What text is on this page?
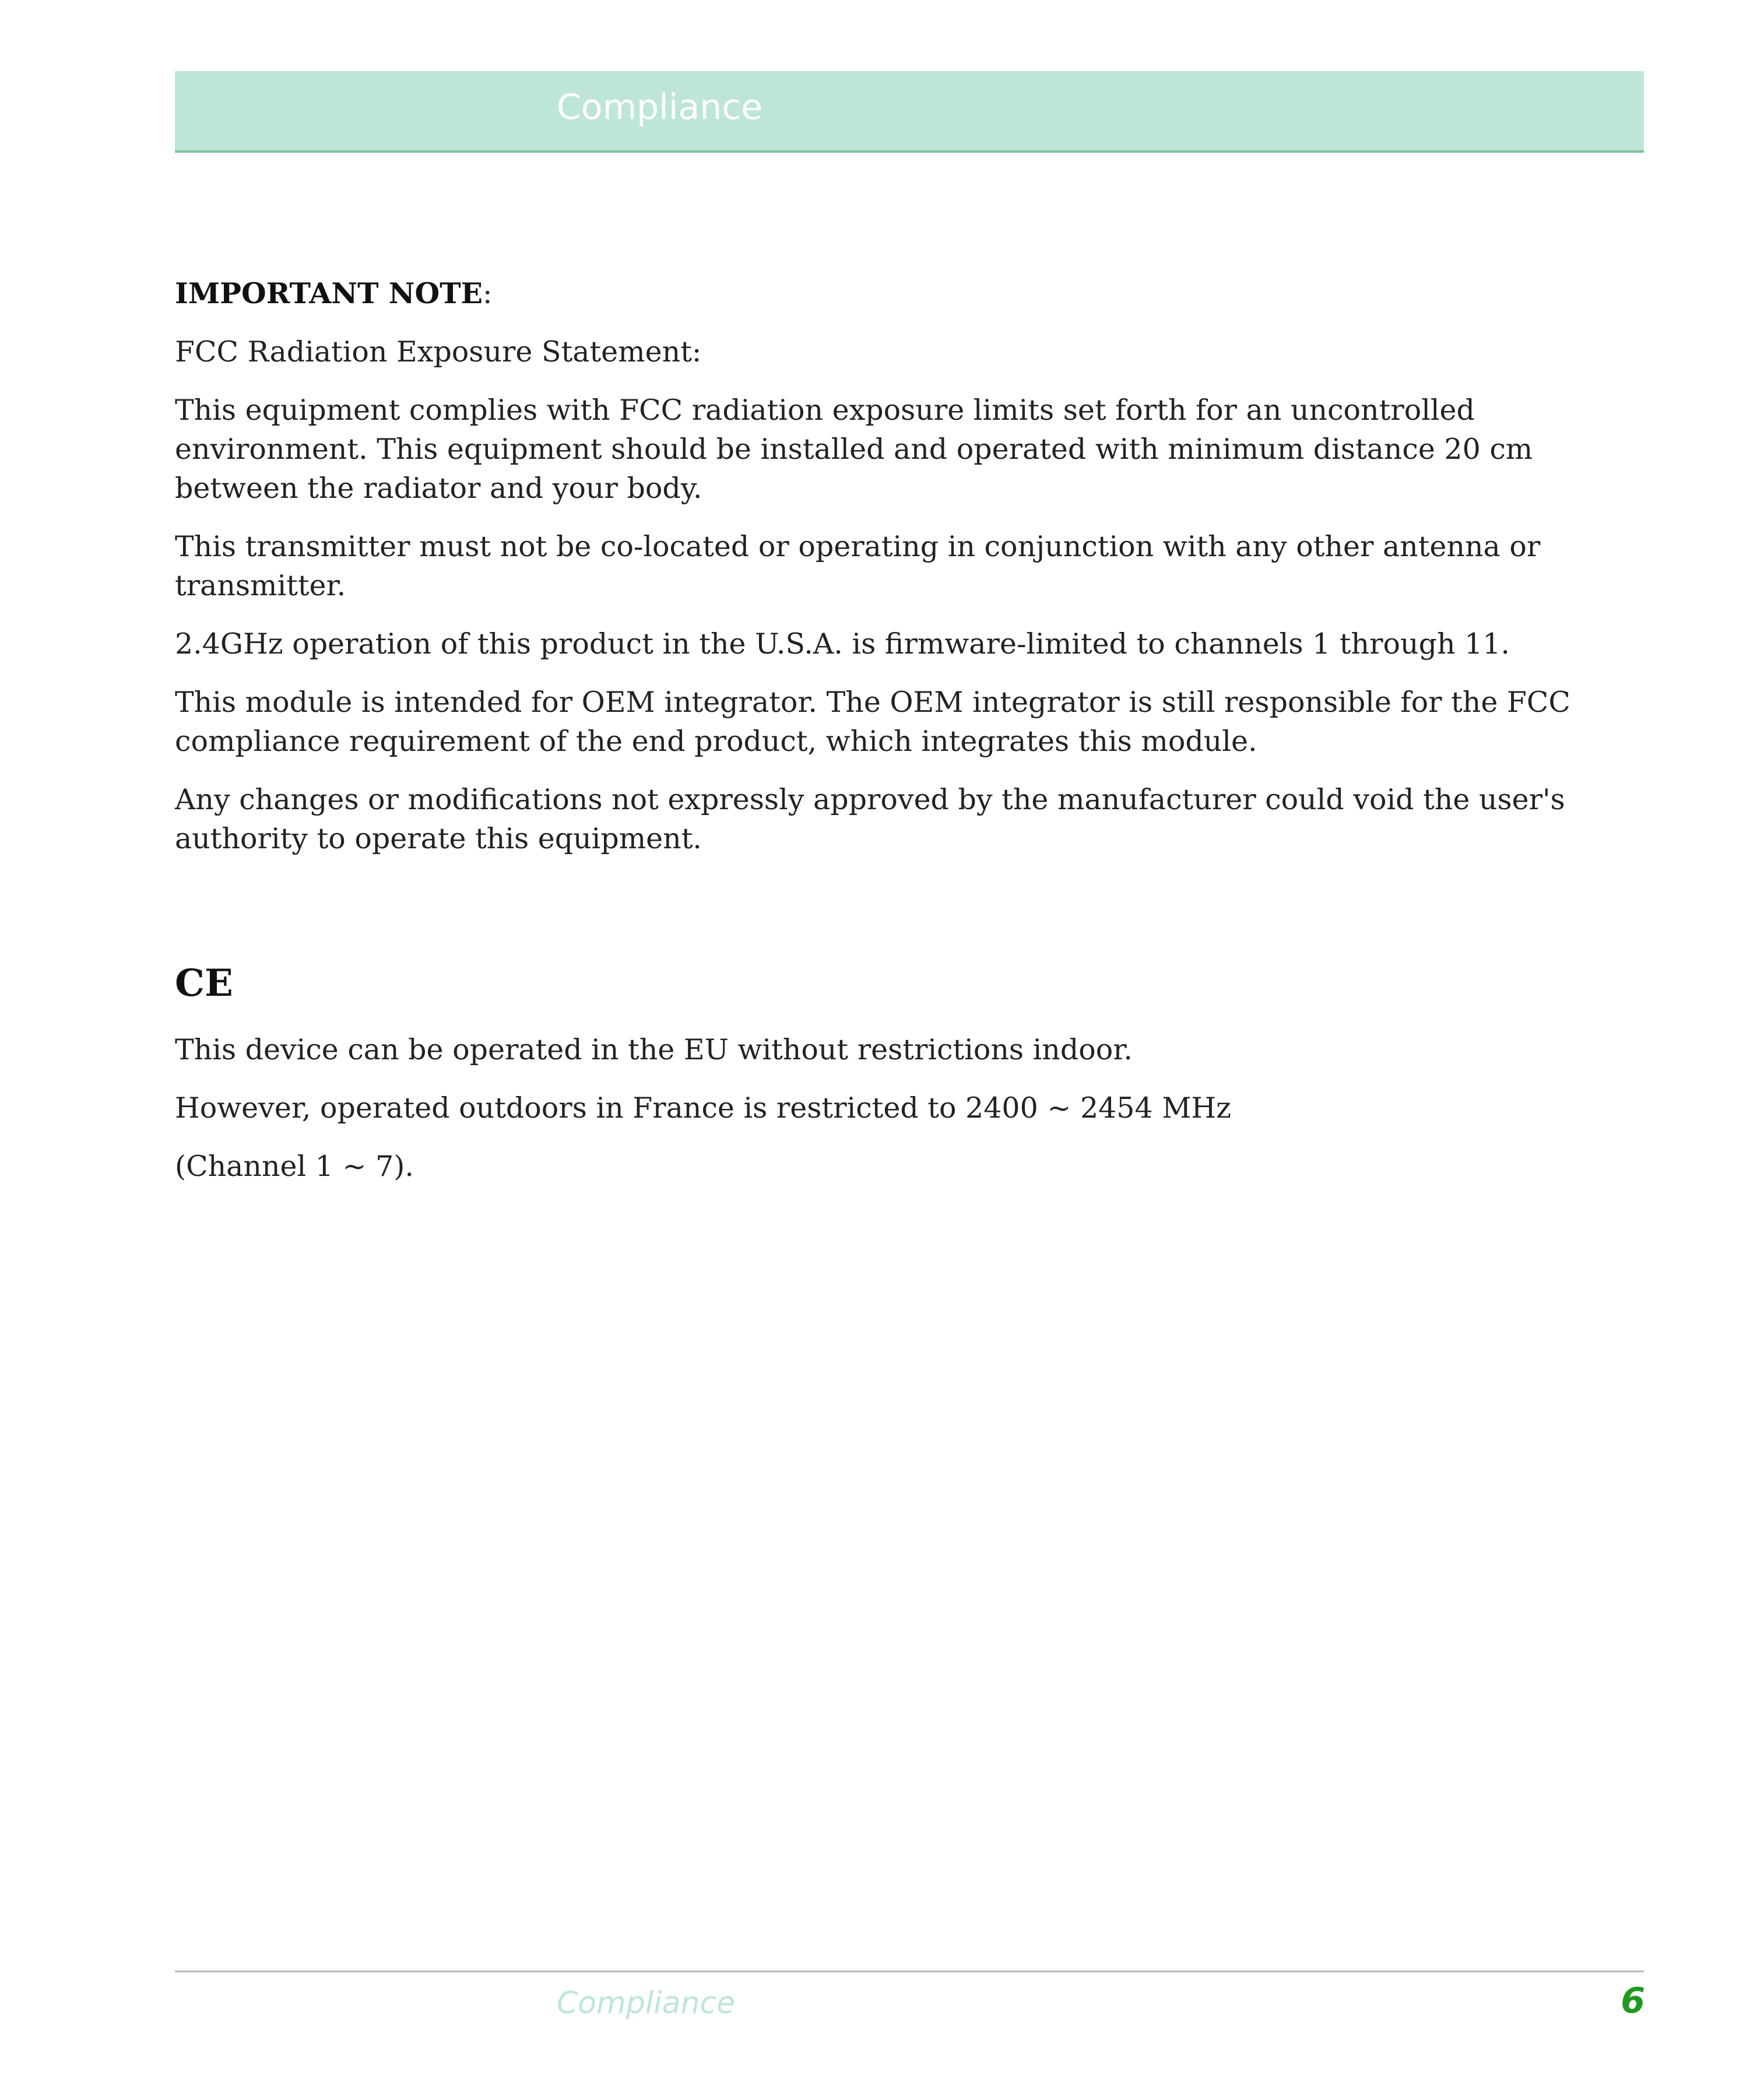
Compliance

IMPORTANT NOTE:

FCC Radiation Exposure Statement:

This equipment complies with FCC radiation exposure limits set forth for an uncontrolled environment. This equipment should be installed and operated with minimum distance 20 cm between the radiator and your body.

This transmitter must not be co-located or operating in conjunction with any other antenna or transmitter.

2.4GHz operation of this product in the U.S.A. is firmware-limited to channels 1 through 11.

This module is intended for OEM integrator. The OEM integrator is still responsible for the FCC compliance requirement of the end product, which integrates this module.

Any changes or modifications not expressly approved by the manufacturer could void the user's authority to operate this equipment.

CE

This device can be operated in the EU without restrictions indoor.

However, operated outdoors in France is restricted to 2400 ~ 2454 MHz

(Channel 1 ~ 7).

Compliance	6
